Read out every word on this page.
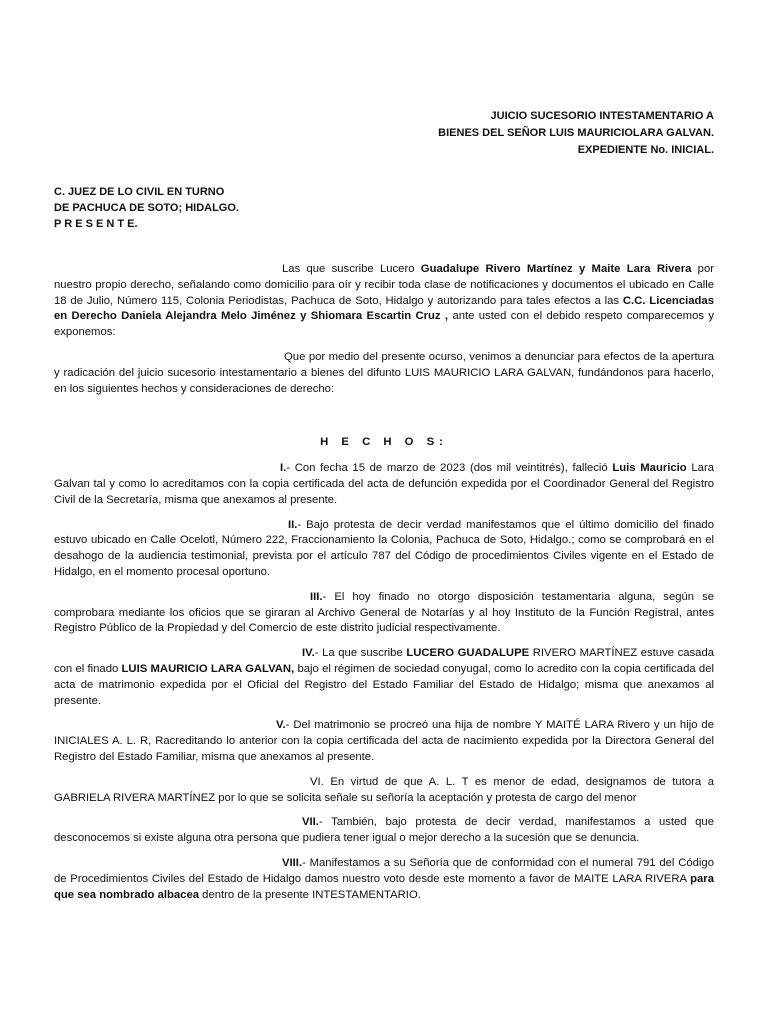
JUICIO SUCESORIO INTESTAMENTARIO A
BIENES DEL SEÑOR LUIS MAURICIOLARA GALVAN.
EXPEDIENTE No. INICIAL.
C. JUEZ DE LO CIVIL EN TURNO
DE PACHUCA DE SOTO; HIDALGO.
P R E S E N T E.

Las que suscribe Lucero Guadalupe Rivero Martínez y Maite Lara Rivera por nuestro propio derecho, señalando como domicilio para oír y recibir toda clase de notificaciones y documentos el ubicado en Calle 18 de Julio, Número 115, Colonia Periodistas, Pachuca de Soto, Hidalgo y autorizando para tales efectos a las C.C. Licenciadas en Derecho Daniela Alejandra Melo Jiménez y Shiomara Escartin Cruz , ante usted con el debido respeto comparecemos y exponemos:

Que por medio del presente ocurso, venimos a denunciar para efectos de la apertura y radicación del juicio sucesorio intestamentario a bienes del difunto LUIS MAURICIO LARA GALVAN, fundándonos para hacerlo, en los siguientes hechos y consideraciones de derecho:

H E C H O S:

I.- Con fecha 15 de marzo de 2023 (dos mil veintitrés), falleció Luis Mauricio Lara Galvan tal y como lo acreditamos con la copia certificada del acta de defunción expedida por el Coordinador General del Registro Civil de la Secretaría, misma que anexamos al presente.

II.- Bajo protesta de decir verdad manifestamos que el último domicilio del finado estuvo ubicado en Calle Ocelotl, Número 222, Fraccionamiento la Colonia, Pachuca de Soto, Hidalgo.; como se comprobará en el desahogo de la audiencia testimonial, prevista por el artículo 787 del Código de procedimientos Civiles vigente en el Estado de Hidalgo, en el momento procesal oportuno.

III.- El hoy finado no otorgo disposición testamentaria alguna, según se comprobara mediante los oficios que se giraran al Archivo General de Notarías y al hoy Instituto de la Función Registral, antes Registro Público de la Propiedad y del Comercio de este distrito judicial respectivamente.

IV.- La que suscribe LUCERO GUADALUPE RIVERO MARTÍNEZ estuve casada con el finado LUIS MAURICIO LARA GALVAN, bajo el régimen de sociedad conyugal, como lo acredito con la copia certificada del acta de matrimonio expedida por el Oficial del Registro del Estado Familiar del Estado de Hidalgo; misma que anexamos al presente.

V.- Del matrimonio se procreó una hija de nombre Y MAITÉ LARA Rivero y un hijo de INICIALES A. L. R, Racreditando lo anterior con la copia certificada del acta de nacimiento expedida por la Directora General del Registro del Estado Familiar, misma que anexamos al presente.

VI. En virtud de que A. L. T es menor de edad, designamos de tutora a GABRIELA RIVERA MARTÍNEZ por lo que se solicita señale su señoría la aceptación y protesta de cargo del menor

VII.- También, bajo protesta de decir verdad, manifestamos a usted que desconocemos si existe alguna otra persona que pudiera tener igual o mejor derecho a la sucesión que se denuncia.

VIII.- Manifestamos a su Señoría que de conformidad con el numeral 791 del Código de Procedimientos Civiles del Estado de Hidalgo damos nuestro voto desde este momento a favor de MAITE LARA RIVERA para que sea nombrado albacea dentro de la presente INTESTAMENTARIO.
